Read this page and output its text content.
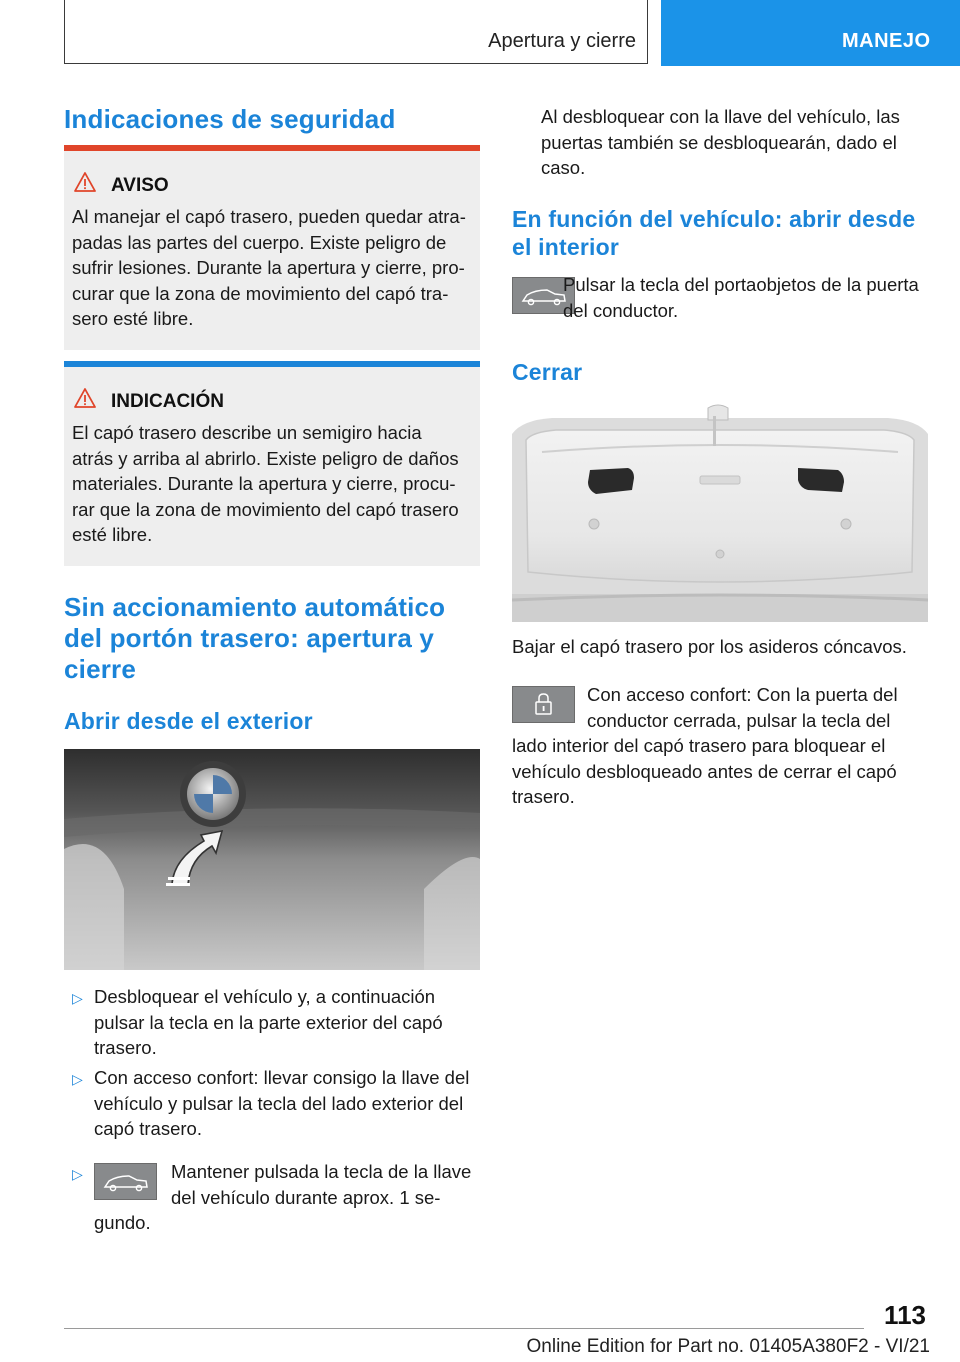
Apertura y cierre	MANEJO
Indicaciones de seguridad
AVISO
Al manejar el capó trasero, pueden quedar atra-
padas las partes del cuerpo. Existe peligro de
sufrir lesiones. Durante la apertura y cierre, pro-
curar que la zona de movimiento del capó tra-
sero esté libre.
INDICACIÓN
El capó trasero describe un semigiro hacia
atrás y arriba al abrirlo. Existe peligro de daños
materiales. Durante la apertura y cierre, procu-
rar que la zona de movimiento del capó trasero
esté libre.
Sin accionamiento automático
del portón trasero: apertura y
cierre
Abrir desde el exterior
▷ Desbloquear el vehículo y, a continuación
pulsar la tecla en la parte exterior del capó
trasero.
▷ Con acceso confort: llevar consigo la llave del
vehículo y pulsar la tecla del lado exterior del
capó trasero.
▷	Mantener pulsada la tecla de la llave
del vehículo durante aprox. 1 se-
gundo.
Al desbloquear con la llave del vehículo, las
puertas también se desbloquearán, dado el
caso.
En función del vehículo: abrir desde
el interior
Pulsar la tecla del portaobjetos de la puerta
del conductor.
Cerrar
Bajar el capó trasero por los asideros cóncavos.
Con acceso confort: Con la puerta del
conductor cerrada, pulsar la tecla del
lado interior del capó trasero para bloquear el
vehículo desbloqueado antes de cerrar el capó
trasero.
113
Online Edition for Part no. 01405A380F2 - VI/21
